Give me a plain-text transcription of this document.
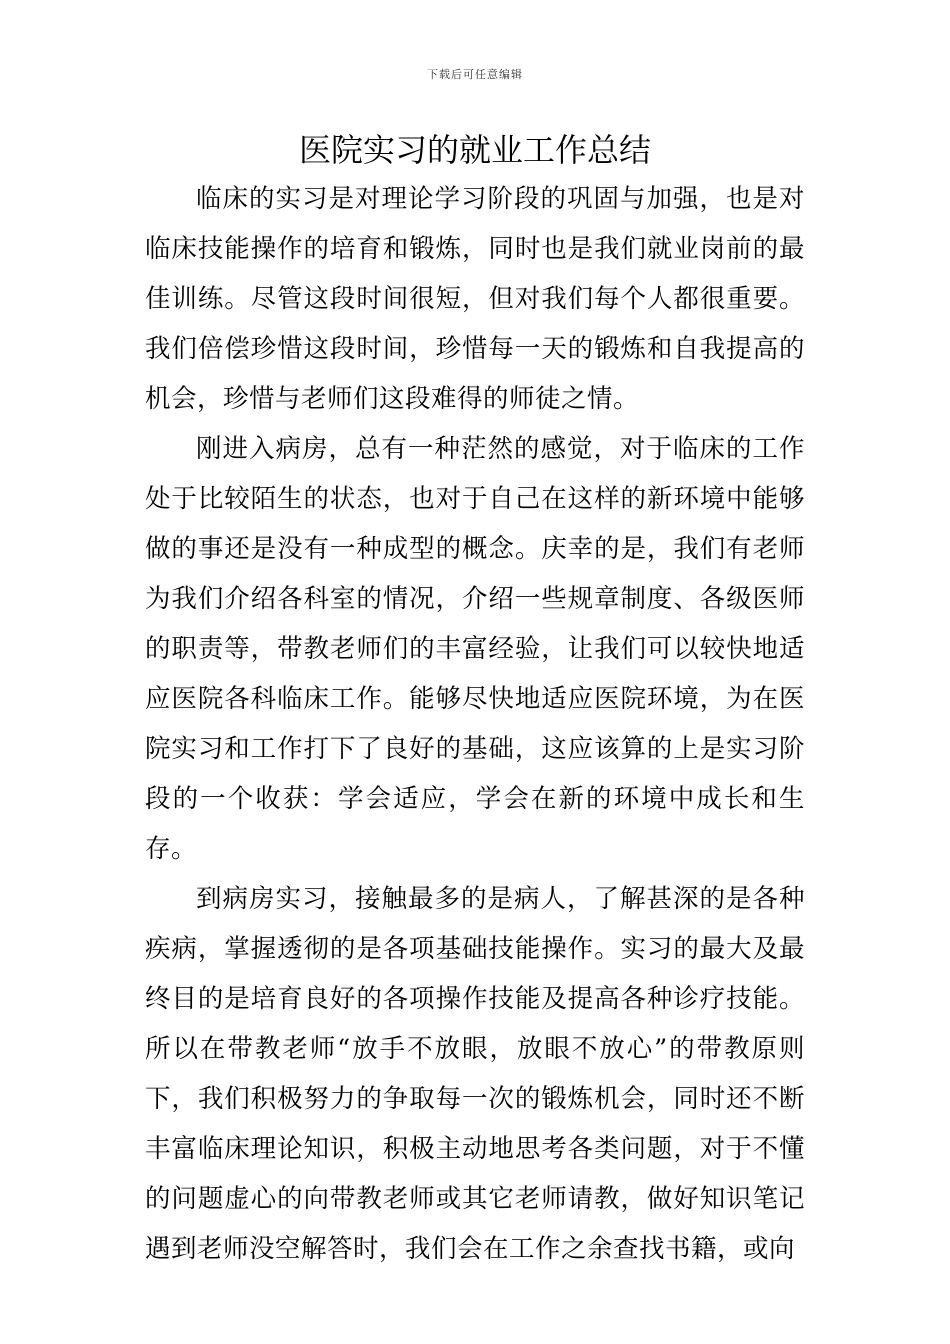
下载后可任意编辑
医院实习的就业工作总结

临床的实习是对理论学习阶段的巩固与加强，也是对临床技能操作的培育和锻炼，同时也是我们就业岗前的最佳训练。尽管这段时间很短，但对我们每个人都很重要。我们倍偿珍惜这段时间，珍惜每一天的锻炼和自我提高的机会，珍惜与老师们这段难得的师徒之情。

刚进入病房，总有一种茫然的感觉，对于临床的工作处于比较陌生的状态，也对于自己在这样的新环境中能够做的事还是没有一种成型的概念。庆幸的是，我们有老师为我们介绍各科室的情况，介绍一些规章制度、各级医师的职责等，带教老师们的丰富经验，让我们可以较快地适应医院各科临床工作。能够尽快地适应医院环境，为在医院实习和工作打下了良好的基础，这应该算的上是实习阶段的一个收获：学会适应，学会在新的环境中成长和生存。

到病房实习，接触最多的是病人，了解甚深的是各种疾病，掌握透彻的是各项基础技能操作。实习的最大及最终目的是培育良好的各项操作技能及提高各种诊疗技能。所以在带教老师“放手不放眼，放眼不放心”的带教原则下，我们积极努力的争取每一次的锻炼机会，同时还不断丰富临床理论知识，积极主动地思考各类问题，对于不懂的问题虚心的向带教老师或其它老师请教，做好知识笔记遇到老师没空解答时，我们会在工作之余查找书籍，或向
